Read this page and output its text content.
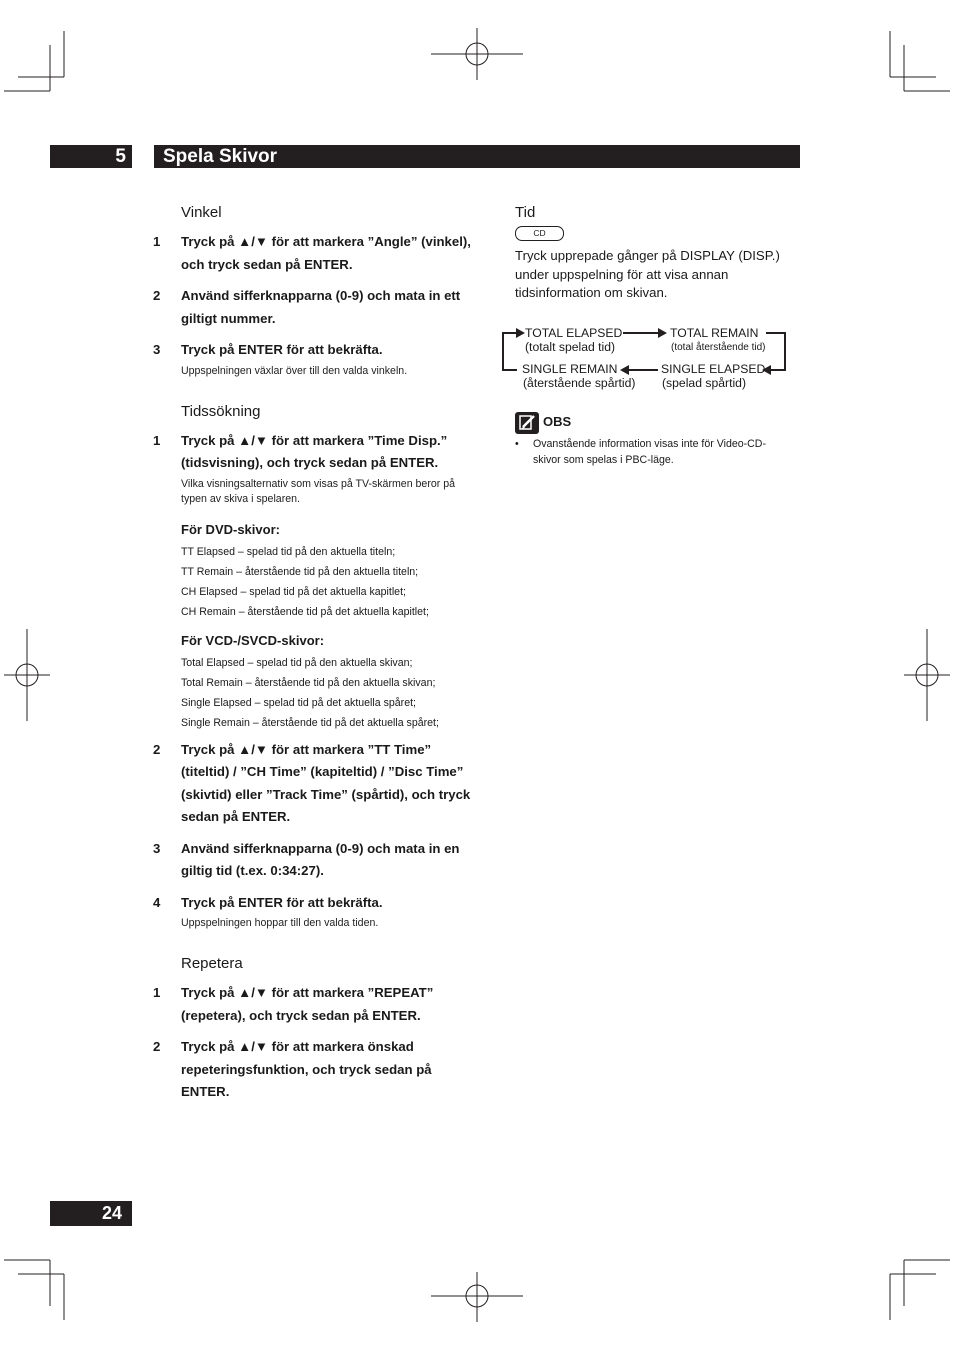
5	Spela Skivor
Vinkel
1	Tryck på ▲/▼ för att markera ”Angle” (vinkel), och tryck sedan på ENTER.
2	Använd sifferknapparna (0-9) och mata in ett giltigt nummer.
3	Tryck på ENTER för att bekräfta.
Uppspelningen växlar över till den valda vinkeln.
Tidssökning
1	Tryck på ▲/▼ för att markera ”Time Disp.” (tidsvisning), och tryck sedan på ENTER.
Vilka visningsalternativ som visas på TV-skärmen beror på typen av skiva i spelaren.
För DVD-skivor:
TT Elapsed – spelad tid på den aktuella titeln;
TT Remain – återstående tid på den aktuella titeln;
CH Elapsed – spelad tid på det aktuella kapitlet;
CH Remain – återstående tid på det aktuella kapitlet;
För VCD-/SVCD-skivor:
Total Elapsed – spelad tid på den aktuella skivan;
Total Remain – återstående tid på den aktuella skivan;
Single Elapsed – spelad tid på det aktuella spåret;
Single Remain – återstående tid på det aktuella spåret;
2	Tryck på ▲/▼ för att markera ”TT Time” (titeltid) / ”CH Time” (kapiteltid) / ”Disc Time” (skivtid) eller ”Track Time” (spårtid), och tryck sedan på ENTER.
3	Använd sifferknapparna (0-9) och mata in en giltig tid (t.ex. 0:34:27).
4	Tryck på ENTER för att bekräfta.
Uppspelningen hoppar till den valda tiden.
Repetera
1	Tryck på ▲/▼ för att markera ”REPEAT” (repetera), och tryck sedan på ENTER.
2	Tryck på ▲/▼ för att markera önskad repeteringsfunktion, och tryck sedan på ENTER.
Tid
CD
Tryck upprepade gånger på DISPLAY (DISP.) under uppspelning för att visa annan tidsinformation om skivan.
TOTAL ELAPSED
(totalt spelad tid)
TOTAL REMAIN
(total återstående tid)
SINGLE REMAIN
(återstående spårtid)
SINGLE ELAPSED
(spelad spårtid)
OBS
•	Ovanstående information visas inte för Video-CD-skivor som spelas i PBC-läge.
24
